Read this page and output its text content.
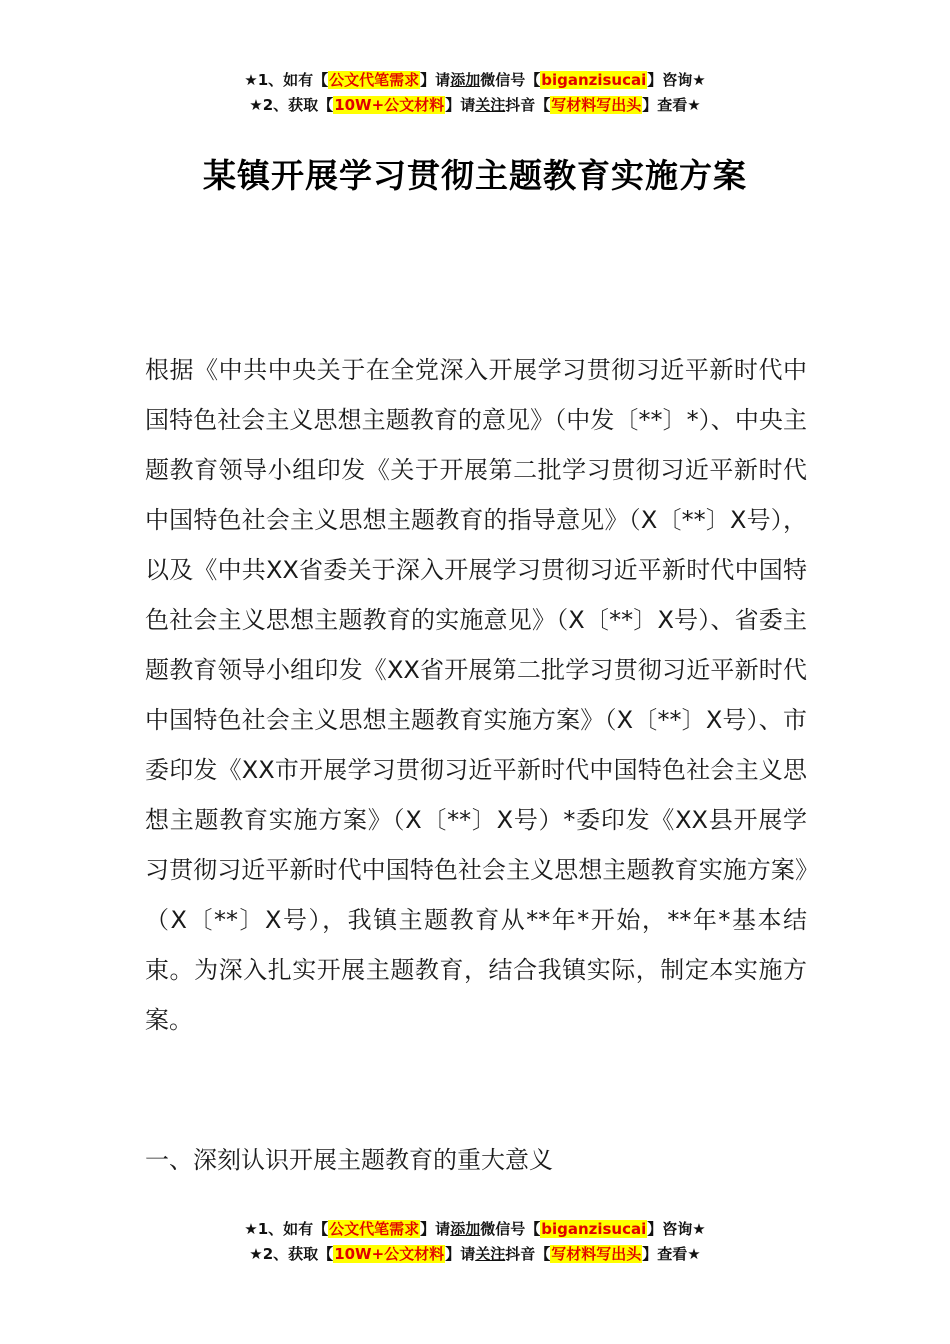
★1、如有【公文代笔需求】请添加微信号【biganzisucai】咨询★
★2、获取【10W+公文材料】请关注抖音【写材料写出头】查看★
某镇开展学习贯彻主题教育实施方案
根据《中共中央关于在全党深入开展学习贯彻习近平新时代中国特色社会主义思想主题教育的意见》（中发〔**〕*）、中央主题教育领导小组印发《关于开展第二批学习贯彻习近平新时代中国特色社会主义思想主题教育的指导意见》（X〔**〕X号），以及《中共XX省委关于深入开展学习贯彻习近平新时代中国特色社会主义思想主题教育的实施意见》（X〔**〕X号）、省委主题教育领导小组印发《XX省开展第二批学习贯彻习近平新时代中国特色社会主义思想主题教育实施方案》（X〔**〕X号）、市委印发《XX市开展学习贯彻习近平新时代中国特色社会主义思想主题教育实施方案》（X〔**〕X号）*委印发《XX县开展学习贯彻习近平新时代中国特色社会主义思想主题教育实施方案》（X〔**〕X号），我镇主题教育从**年*开始，**年*基本结束。为深入扎实开展主题教育，结合我镇实际，制定本实施方案。
一、深刻认识开展主题教育的重大意义
★1、如有【公文代笔需求】请添加微信号【biganzisucai】咨询★
★2、获取【10W+公文材料】请关注抖音【写材料写出头】查看★
